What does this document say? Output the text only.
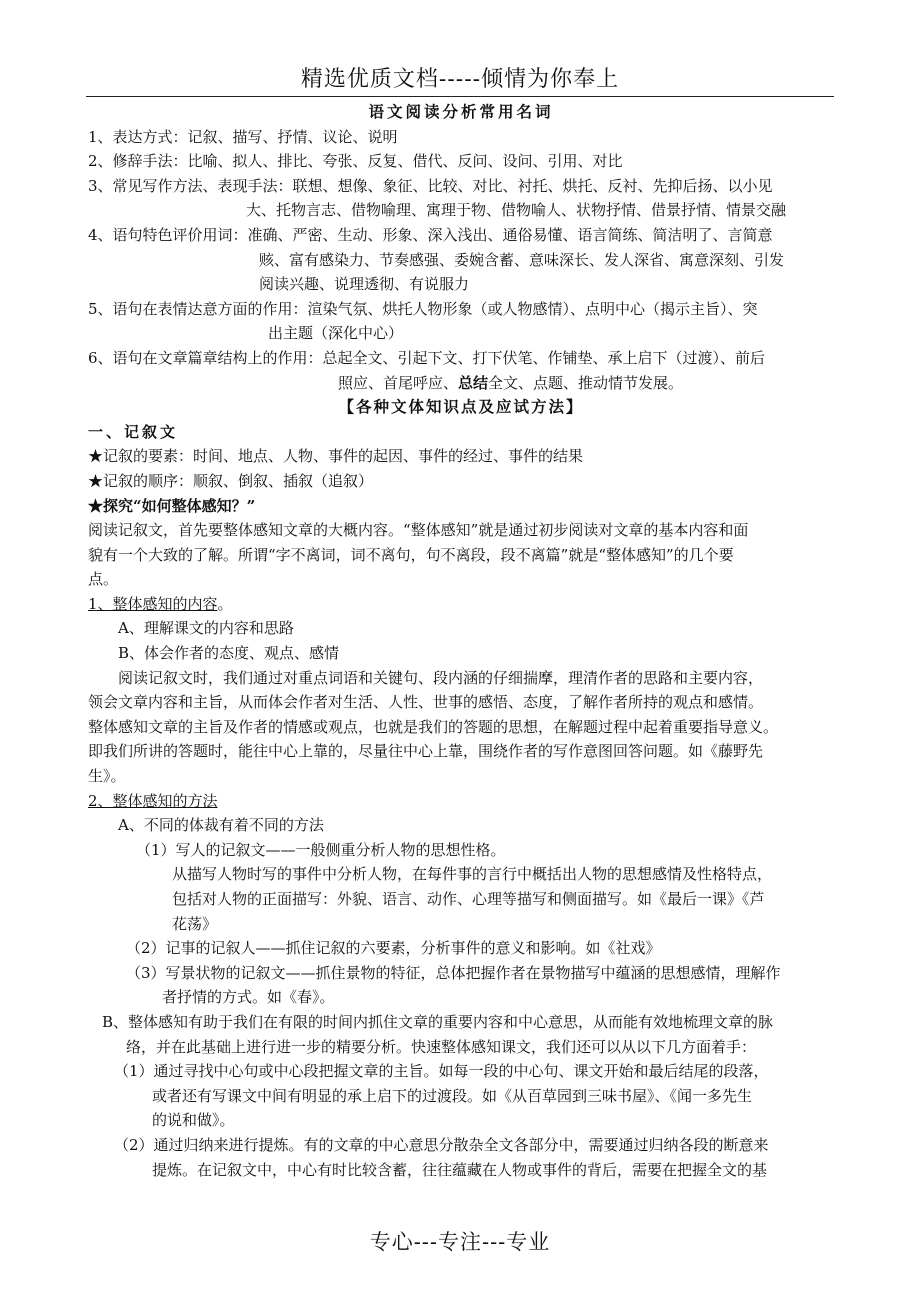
精选优质文档-----倾情为你奉上
语文阅读分析常用名词
1、表达方式：记叙、描写、抒情、议论、说明
2、修辞手法：比喻、拟人、排比、夸张、反复、借代、反问、设问、引用、对比
3、常见写作方法、表现手法：联想、想像、象征、比较、对比、衬托、烘托、反衬、先抑后扬、以小见
大、托物言志、借物喻理、寓理于物、借物喻人、状物抒情、借景抒情、情景交融
4、语句特色评价用词：准确、严密、生动、形象、深入浅出、通俗易懂、语言简练、简洁明了、言简意
赅、富有感染力、节奏感强、委婉含蓄、意味深长、发人深省、寓意深刻、引发
阅读兴趣、说理透彻、有说服力
5、语句在表情达意方面的作用：渲染气氛、烘托人物形象（或人物感情）、点明中心（揭示主旨）、突
出主题（深化中心）
6、语句在文章篇章结构上的作用：总起全文、引起下文、打下伏笔、作铺垫、承上启下（过渡）、前后
照应、首尾呼应、总结全文、点题、推动情节发展。
【各种文体知识点及应试方法】
一、记叙文
★记叙的要素：时间、地点、人物、事件的起因、事件的经过、事件的结果
★记叙的顺序：顺叙、倒叙、插叙（追叙）
★探究“如何整体感知？”
阅读记叙文，首先要整体感知文章的大概内容。“整体感知”就是通过初步阅读对文章的基本内容和面
貌有一个大致的了解。所谓“字不离词，词不离句，句不离段，段不离篇”就是“整体感知”的几个要
点。
1、整体感知的内容。
A、理解课文的内容和思路
B、体会作者的态度、观点、感情
阅读记叙文时，我们通过对重点词语和关键句、段内涵的仔细揣摩，理清作者的思路和主要内容，
领会文章内容和主旨，从而体会作者对生活、人性、世事的感悟、态度，了解作者所持的观点和感情。
整体感知文章的主旨及作者的情感或观点，也就是我们的答题的思想，在解题过程中起着重要指导意义。
即我们所讲的答题时，能往中心上靠的，尽量往中心上靠，围绕作者的写作意图回答问题。如《藤野先
生》。
2、整体感知的方法
A、不同的体裁有着不同的方法
（1）写人的记叙文——一般侧重分析人物的思想性格。
从描写人物时写的事件中分析人物，在每件事的言行中概括出人物的思想感情及性格特点，
包括对人物的正面描写：外貌、语言、动作、心理等描写和侧面描写。如《最后一课》《芦
花荡》
（2）记事的记叙人——抓住记叙的六要素，分析事件的意义和影响。如《社戏》
（3）写景状物的记叙文——抓住景物的特征，总体把握作者在景物描写中蕴涵的思想感情，理解作
者抒情的方式。如《春》。
B、整体感知有助于我们在有限的时间内抓住文章的重要内容和中心意思，从而能有效地梳理文章的脉
络，并在此基础上进行进一步的精要分析。快速整体感知课文，我们还可以从以下几方面着手：
（1）通过寻找中心句或中心段把握文章的主旨。如每一段的中心句、课文开始和最后结尾的段落，
或者还有写课文中间有明显的承上启下的过渡段。如《从百草园到三味书屋》、《闻一多先生
的说和做》。
（2）通过归纳来进行提炼。有的文章的中心意思分散杂全文各部分中，需要通过归纳各段的断意来
提炼。在记叙文中，中心有时比较含蓄，往往蕴藏在人物或事件的背后，需要在把握全文的基
专心---专注---专业
